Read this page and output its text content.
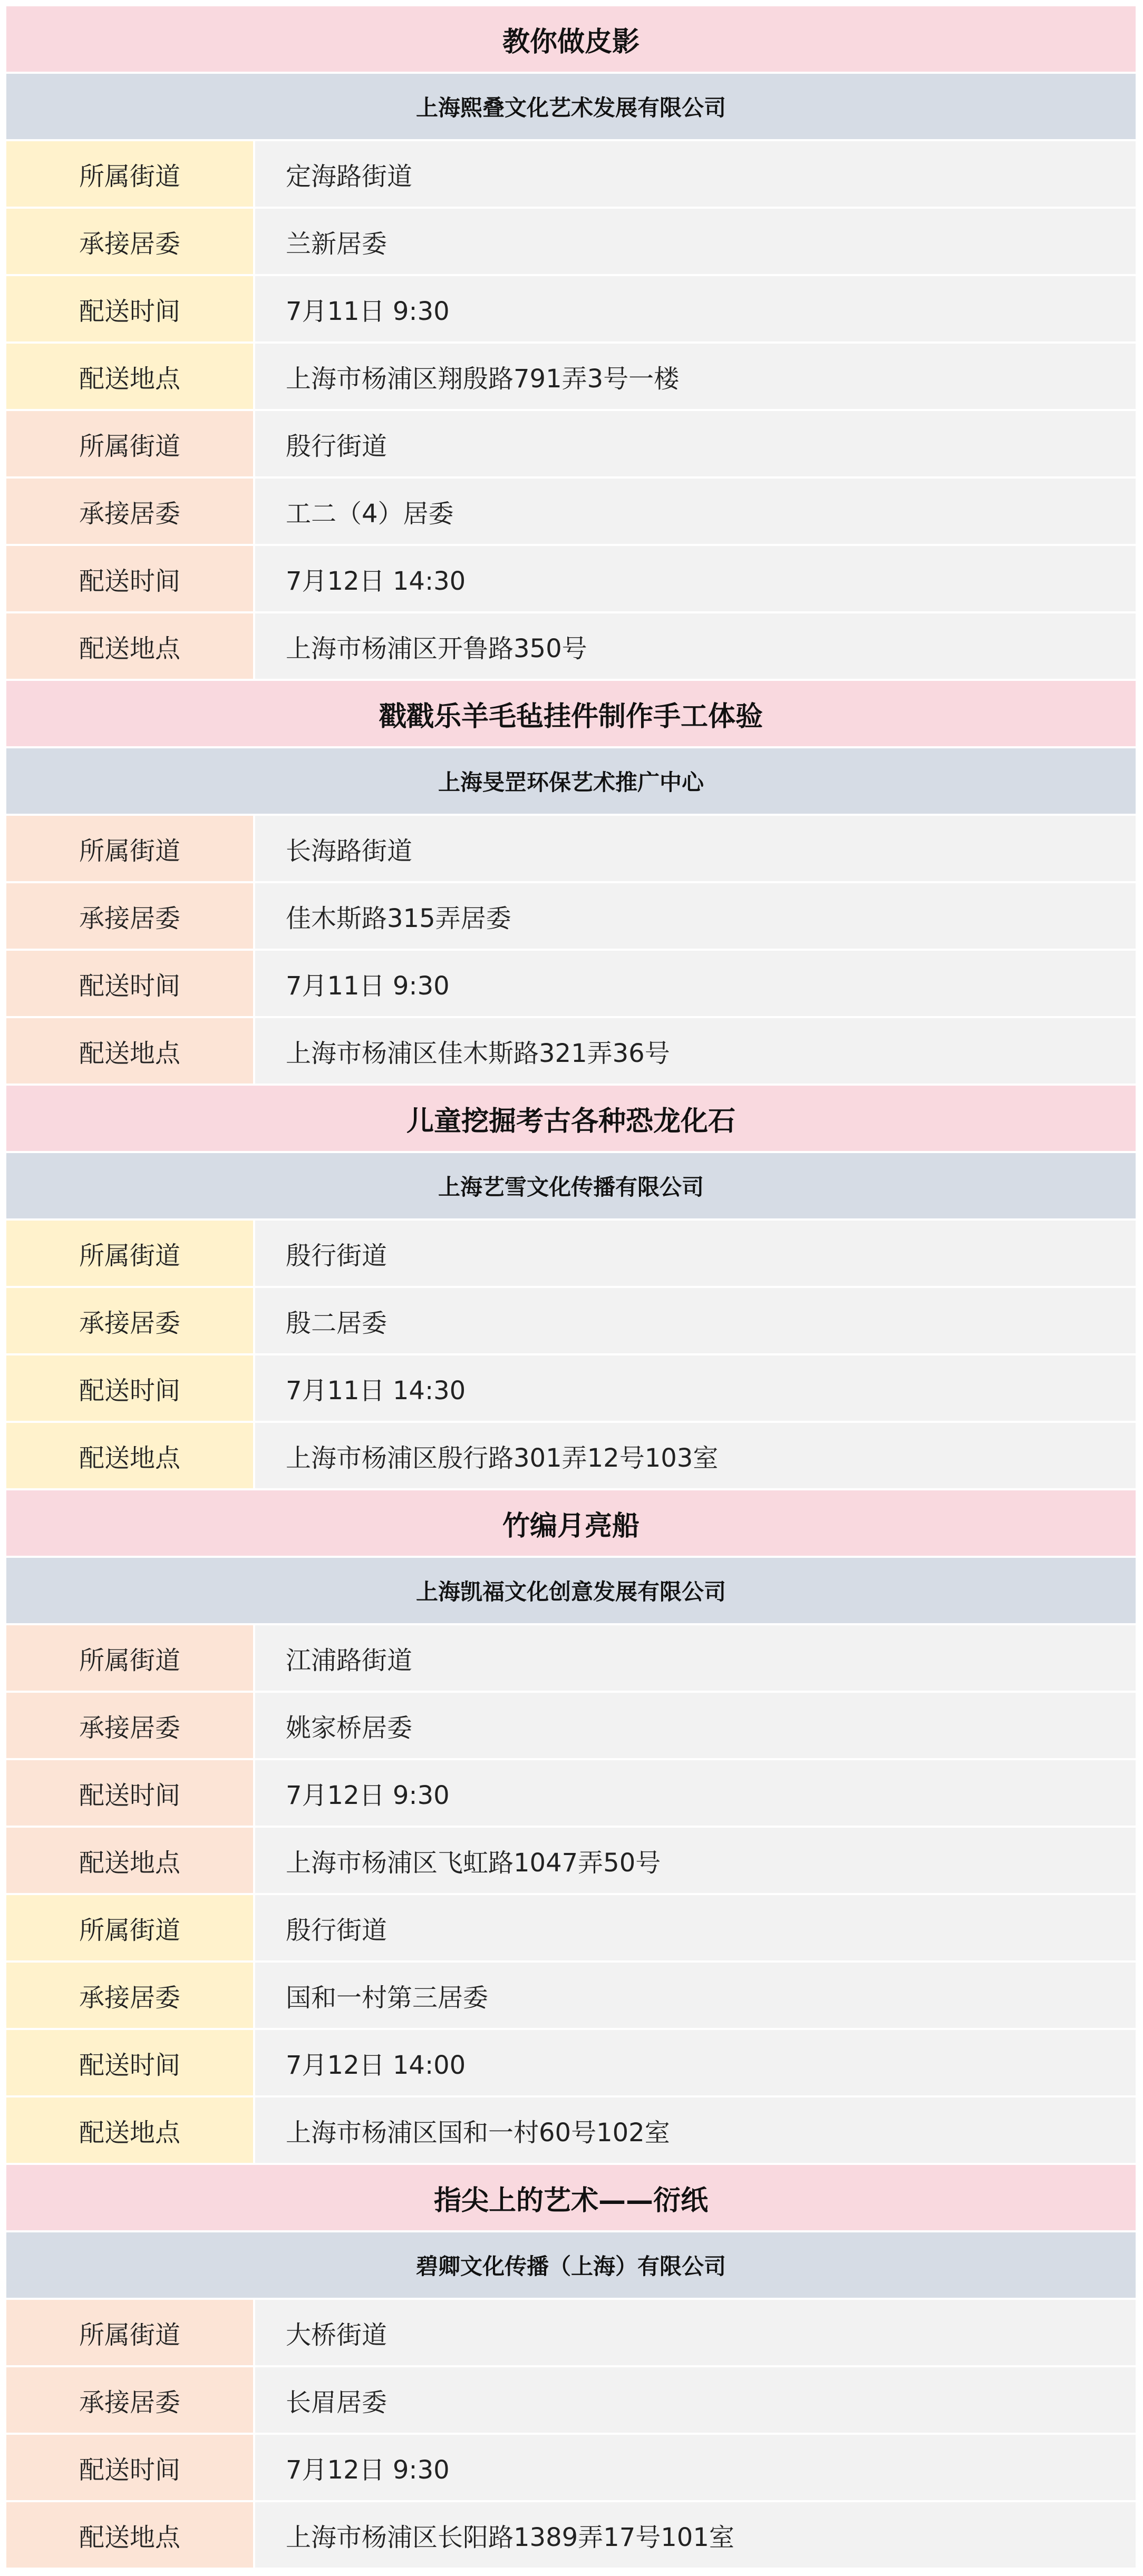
教你做皮影
上海熙叠文化艺术发展有限公司
所属街道	定海路街道
承接居委	兰新居委
配送时间	7月11日 9:30
配送地点	上海市杨浦区翔殷路791弄3号一楼
所属街道	殷行街道
承接居委	工二（4）居委
配送时间	7月12日 14:30
配送地点	上海市杨浦区开鲁路350号
戳戳乐羊毛毡挂件制作手工体验
上海旻罡环保艺术推广中心
所属街道	长海路街道
承接居委	佳木斯路315弄居委
配送时间	7月11日 9:30
配送地点	上海市杨浦区佳木斯路321弄36号
儿童挖掘考古各种恐龙化石
上海艺雪文化传播有限公司
所属街道	殷行街道
承接居委	殷二居委
配送时间	7月11日 14:30
配送地点	上海市杨浦区殷行路301弄12号103室
竹编月亮船
上海凯福文化创意发展有限公司
所属街道	江浦路街道
承接居委	姚家桥居委
配送时间	7月12日 9:30
配送地点	上海市杨浦区飞虹路1047弄50号
所属街道	殷行街道
承接居委	国和一村第三居委
配送时间	7月12日 14:00
配送地点	上海市杨浦区国和一村60号102室
指尖上的艺术——衍纸
碧卿文化传播（上海）有限公司
所属街道	大桥街道
承接居委	长眉居委
配送时间	7月12日 9:30
配送地点	上海市杨浦区长阳路1389弄17号101室
